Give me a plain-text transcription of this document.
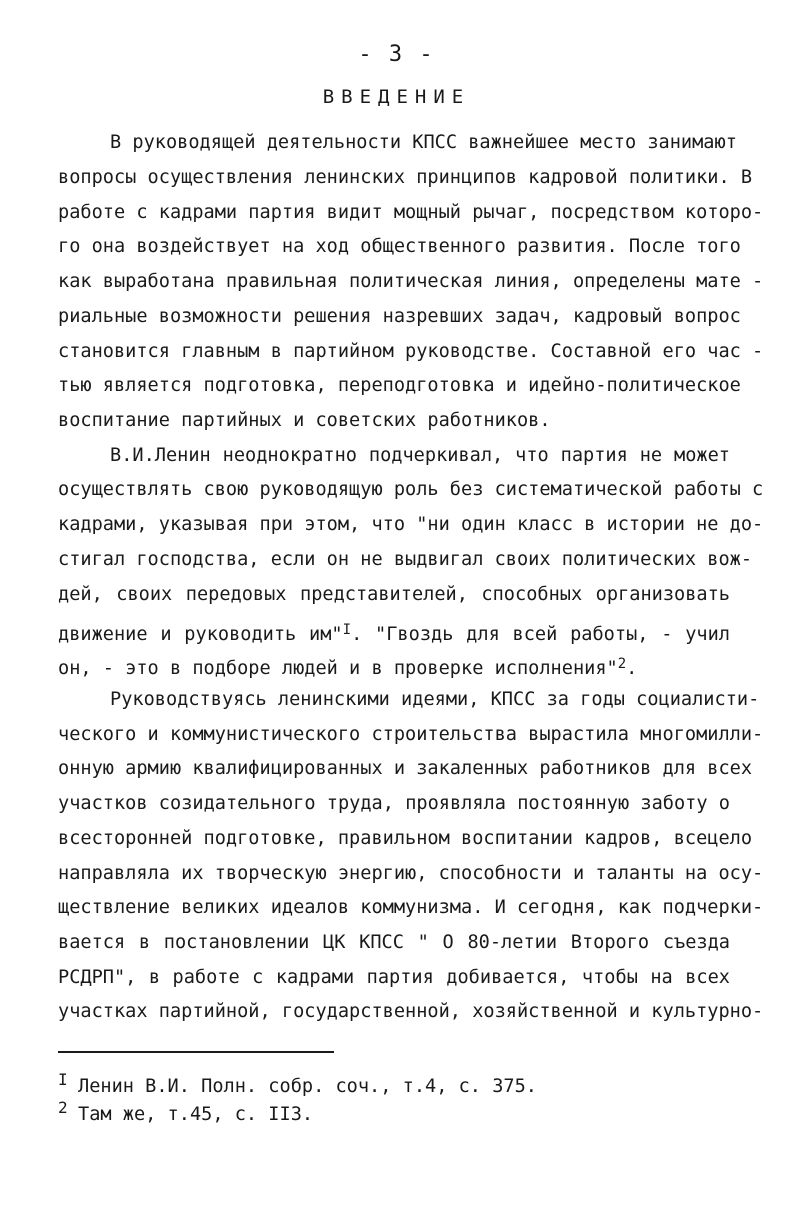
- 3 -
ВВЕДЕНИЕ
В руководящей деятельности КПСС важнейшее место занимают
вопросы осуществления ленинских принципов кадровой политики. В
работе с кадрами партия видит мощный рычаг, посредством которо-
го она воздействует на ход общественного развития. После того
как выработана правильная политическая линия, определены мате -
риальные возможности решения назревших задач, кадровый вопрос
становится главным в партийном руководстве. Составной его час -
тью является подготовка, переподготовка и идейно-политическое
воспитание партийных и советских работников.
В.И.Ленин неоднократно подчеркивал, что партия не может
осуществлять свою руководящую роль без систематической работы с
кадрами, указывая при этом, что "ни один класс в истории не до-
стигал господства, если он не выдвигал своих политических вож-
дей, своих передовых представителей, способных организовать
движение и руководить им"$^I$. "Гвоздь для всей работы, - учил
он, - это в подборе людей и в проверке исполнения"$^2$.
Руководствуясь ленинскими идеями, КПСС за годы социалисти-
ческого и коммунистического строительства вырастила многомилли-
онную армию квалифицированных и закаленных работников для всех
участков созидательного труда, проявляла постоянную заботу о
всесторонней подготовке, правильном воспитании кадров, всецело
направляла их творческую энергию, способности и таланты на осу-
ществление великих идеалов коммунизма. И сегодня, как подчерки-
вается в постановлении ЦК КПСС " О 80-летии Второго съезда
РСДРП", в работе с кадрами партия добивается, чтобы на всех
участках партийной, государственной, хозяйственной и культурно-
I Ленин В.И. Полн. собр. соч., т.4, с. 375.
2 Там же, т.45, с. II3.
